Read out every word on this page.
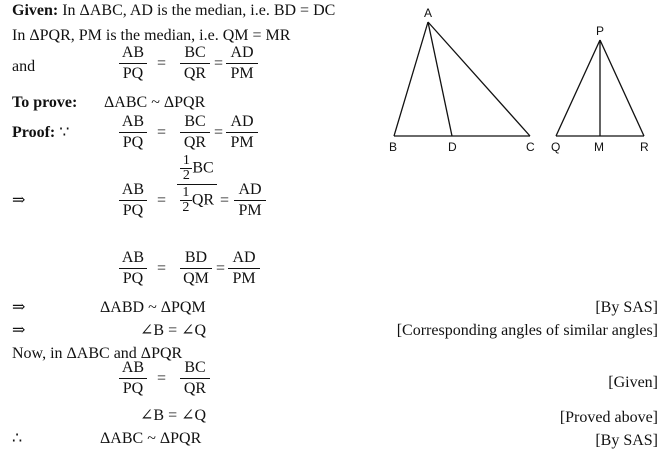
Given: In ΔABC, AD is the median, i.e. BD = DC
In ΔPQR, PM is the median, i.e. QM = MR
and
AB
PQ
=
BC
QR
=
AD
PM
To prove: ΔABC ~ ΔPQR
Proof: ∵
AB
PQ
=
BC
QR
=
AD
PM
⇒
AB
PQ
=
$\frac{1}{2}$ BC
$\frac{1}{2}$ QR =
AD
PM
AB
PQ
=
BD
QM
=
AD
PM
⇒	ΔABD ~ ΔPQM	[By SAS]
⇒	∠B = ∠Q	[Corresponding angles of similar angles]
Now, in ΔABC and ΔPQR
AB
PQ
=
BC
QR	[Given]
∠B = ∠Q	[Proved above]
∴	ΔABC ~ ΔPQR	[By SAS]
A
B	D	C
P
Q	M	R
